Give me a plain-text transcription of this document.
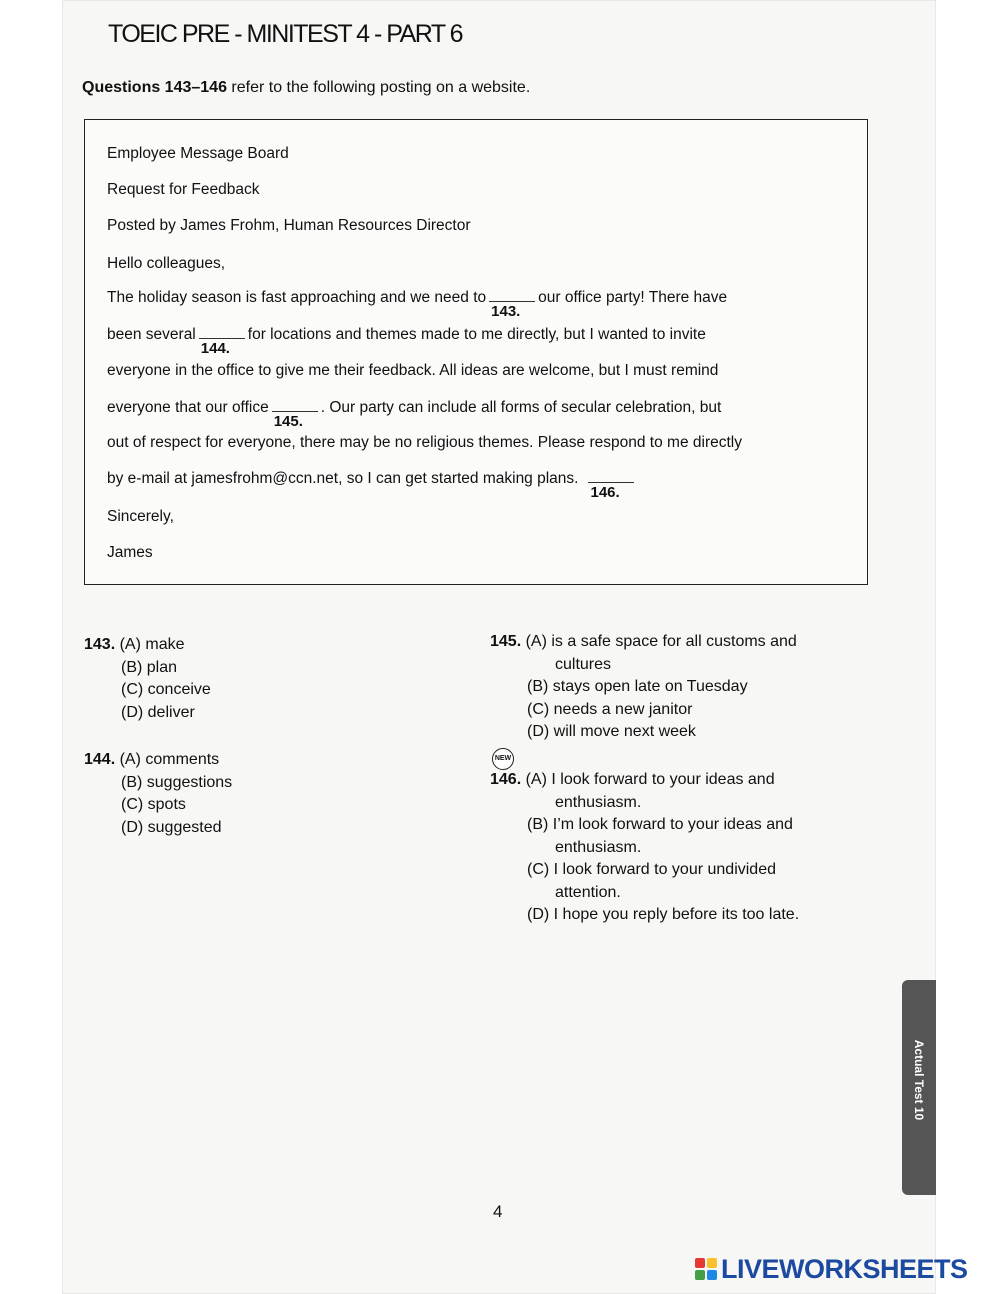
TOEIC PRE - MINITEST 4 - PART 6
Questions 143–146 refer to the following posting on a website.
Employee Message Board
Request for Feedback
Posted by James Frohm, Human Resources Director
Hello colleagues,
The holiday season is fast approaching and we need to
143.
our office party! There have
been several
144.
for locations and themes made to me directly, but I wanted to invite
everyone in the office to give me their feedback. All ideas are welcome, but I must remind
everyone that our office
145.
. Our party can include all forms of secular celebration, but
out of respect for everyone, there may be no religious themes. Please respond to me directly
by e-mail at jamesfrohm@ccn.net, so I can get started making plans.
146.
Sincerely,
James
143. (A) make
(B) plan
(C) conceive
(D) deliver
144. (A) comments
(B) suggestions
(C) spots
(D) suggested
145. (A) is a safe space for all customs and
cultures
(B) stays open late on Tuesday
(C) needs a new janitor
(D) will move next week
NEW
146. (A) I look forward to your ideas and
enthusiasm.
(B) I’m look forward to your ideas and
enthusiasm.
(C) I look forward to your undivided
attention.
(D) I hope you reply before its too late.
Actual Test 10
4
LIVEWORKSHEETS
